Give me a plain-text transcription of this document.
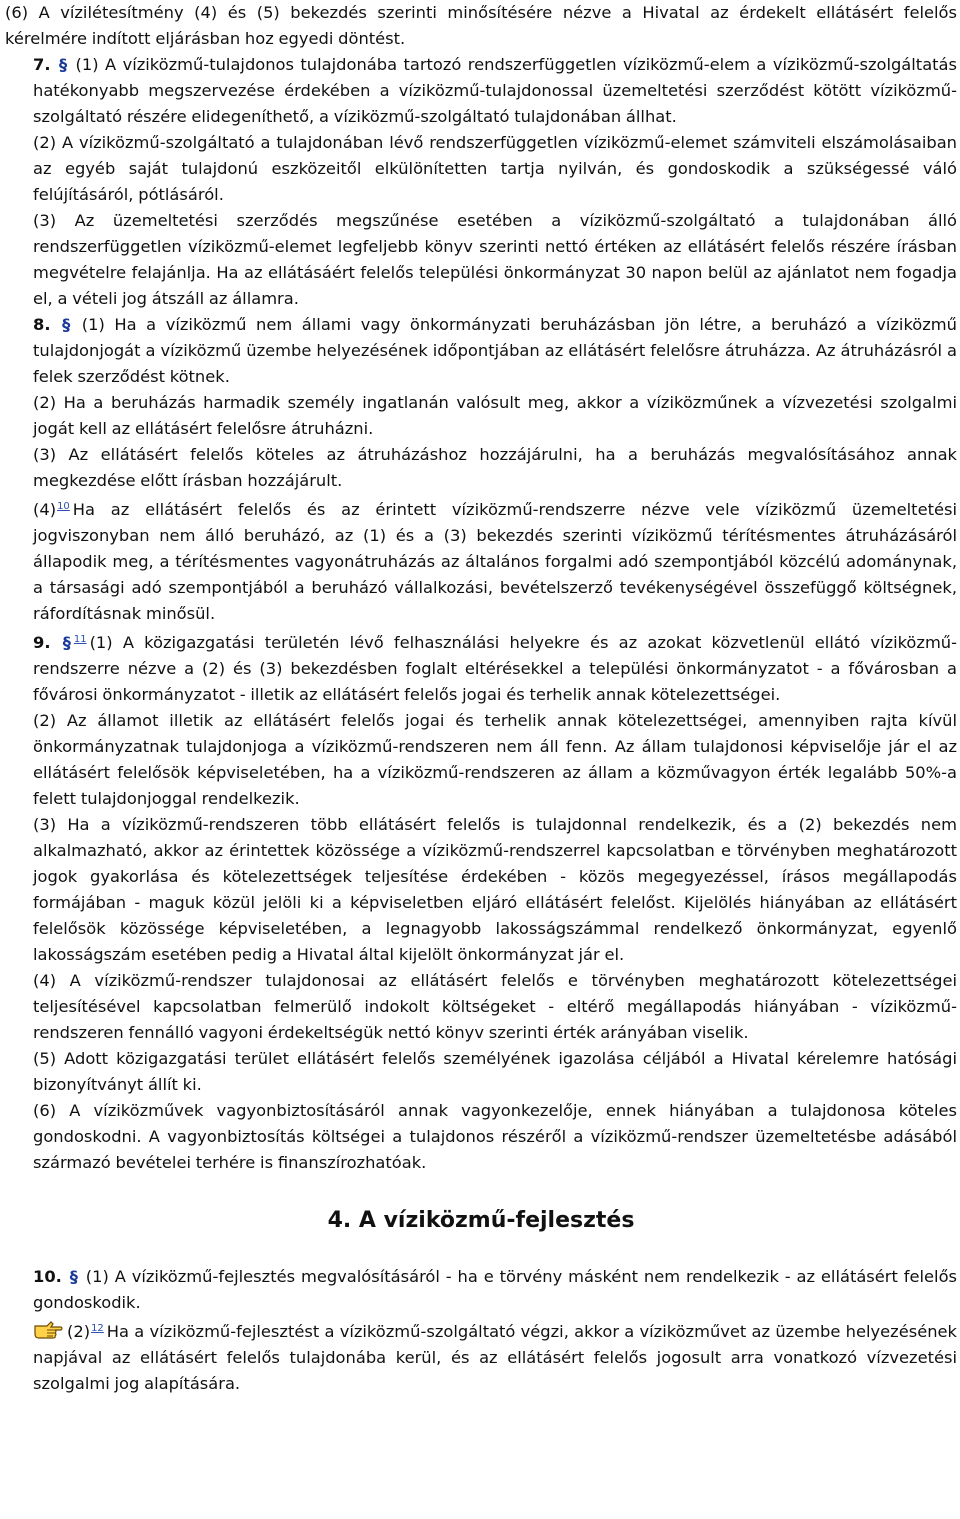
(6) A vízilétesítmény (4) és (5) bekezdés szerinti minősítésére nézve a Hivatal az érdekelt ellátásért felelős kérelmére indított eljárásban hoz egyedi döntést.

7. § (1) A víziközmű-tulajdonos tulajdonába tartozó rendszerfüggetlen víziközmű-elem a víziközmű-szolgáltatás hatékonyabb megszervezése érdekében a víziközmű-tulajdonossal üzemeltetési szerződést kötött víziközmű-szolgáltató részére elidegeníthető, a víziközmű-szolgáltató tulajdonában állhat.

(2) A víziközmű-szolgáltató a tulajdonában lévő rendszerfüggetlen víziközmű-elemet számviteli elszámolásaiban az egyéb saját tulajdonú eszközeitől elkülönítetten tartja nyilván, és gondoskodik a szükségessé váló felújításáról, pótlásáról.

(3) Az üzemeltetési szerződés megszűnése esetében a víziközmű-szolgáltató a tulajdonában álló rendszerfüggetlen víziközmű-elemet legfeljebb könyv szerinti nettó értéken az ellátásért felelős részére írásban megvételre felajánlja. Ha az ellátásáért felelős települési önkormányzat 30 napon belül az ajánlatot nem fogadja el, a vételi jog átszáll az államra.

8. § (1) Ha a víziközmű nem állami vagy önkormányzati beruházásban jön létre, a beruházó a víziközmű tulajdonjogát a víziközmű üzembe helyezésének időpontjában az ellátásért felelősre átruházza. Az átruházásról a felek szerződést kötnek.

(2) Ha a beruházás harmadik személy ingatlanán valósult meg, akkor a víziközműnek a vízvezetési szolgalmi jogát kell az ellátásért felelősre átruházni.

(3) Az ellátásért felelős köteles az átruházáshoz hozzájárulni, ha a beruházás megvalósításához annak megkezdése előtt írásban hozzájárult.

(4)$^{10}$ Ha az ellátásért felelős és az érintett víziközmű-rendszerre nézve vele víziközmű üzemeltetési jogviszonyban nem álló beruházó, az (1) és a (3) bekezdés szerinti víziközmű térítésmentes átruházásáról állapodik meg, a térítésmentes vagyonátruházás az általános forgalmi adó szempontjából közcélú adománynak, a társasági adó szempontjából a beruházó vállalkozási, bevételszerző tevékenységével összefüggő költségnek, ráfordításnak minősül.

9. § $^{11}$ (1) A közigazgatási területén lévő felhasználási helyekre és az azokat közvetlenül ellátó víziközmű-rendszerre nézve a (2) és (3) bekezdésben foglalt eltérésekkel a települési önkormányzatot - a fővárosban a fővárosi önkormányzatot - illetik az ellátásért felelős jogai és terhelik annak kötelezettségei.

(2) Az államot illetik az ellátásért felelős jogai és terhelik annak kötelezettségei, amennyiben rajta kívül önkormányzatnak tulajdonjoga a víziközmű-rendszeren nem áll fenn. Az állam tulajdonosi képviselője jár el az ellátásért felelősök képviseletében, ha a víziközmű-rendszeren az állam a közművagyon érték legalább 50%-a felett tulajdonjoggal rendelkezik.

(3) Ha a víziközmű-rendszeren több ellátásért felelős is tulajdonnal rendelkezik, és a (2) bekezdés nem alkalmazható, akkor az érintettek közössége a víziközmű-rendszerrel kapcsolatban e törvényben meghatározott jogok gyakorlása és kötelezettségek teljesítése érdekében - közös megegyezéssel, írásos megállapodás formájában - maguk közül jelöli ki a képviseletben eljáró ellátásért felelőst. Kijelölés hiányában az ellátásért felelősök közössége képviseletében, a legnagyobb lakosságszámmal rendelkező önkormányzat, egyenlő lakosságszám esetében pedig a Hivatal által kijelölt önkormányzat jár el.

(4) A víziközmű-rendszer tulajdonosai az ellátásért felelős e törvényben meghatározott kötelezettségei teljesítésével kapcsolatban felmerülő indokolt költségeket - eltérő megállapodás hiányában - víziközmű-rendszeren fennálló vagyoni érdekeltségük nettó könyv szerinti érték arányában viselik.

(5) Adott közigazgatási terület ellátásért felelős személyének igazolása céljából a Hivatal kérelemre hatósági bizonyítványt állít ki.

(6) A víziközművek vagyonbiztosításáról annak vagyonkezelője, ennek hiányában a tulajdonosa köteles gondoskodni. A vagyonbiztosítás költségei a tulajdonos részéről a víziközmű-rendszer üzemeltetésbe adásából származó bevételei terhére is finanszírozhatóak.

4. A víziközmű-fejlesztés

10. § (1) A víziközmű-fejlesztés megvalósításáról - ha e törvény másként nem rendelkezik - az ellátásért felelős gondoskodik.

(2)$^{12}$ Ha a víziközmű-fejlesztést a víziközmű-szolgáltató végzi, akkor a víziközművet az üzembe helyezésének napjával az ellátásért felelős tulajdonába kerül, és az ellátásért felelős jogosult arra vonatkozó vízvezetési szolgalmi jog alapítására.
